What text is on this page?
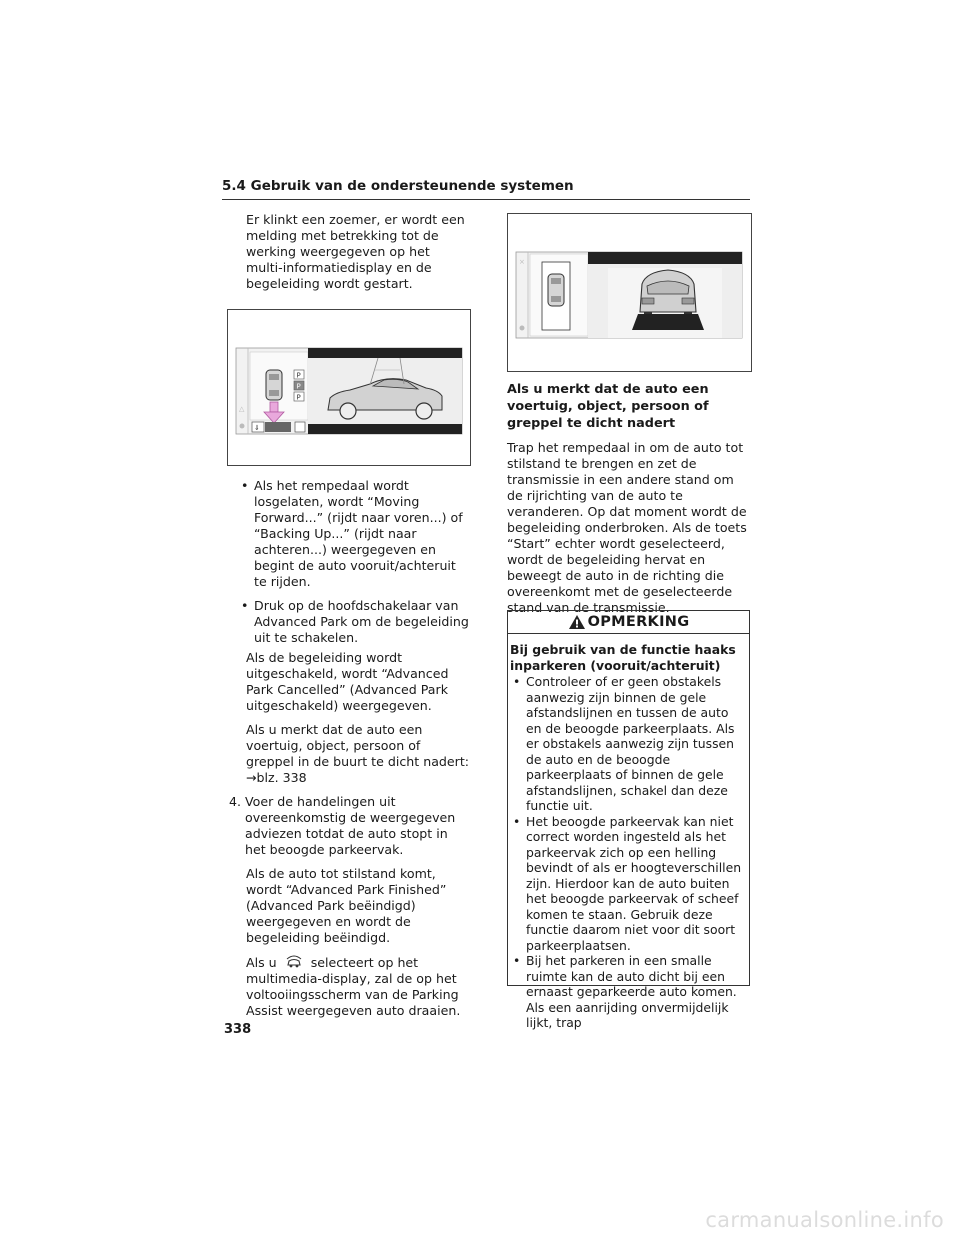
5.4 Gebruik van de ondersteunende systemen

Er klinkt een zoemer, er wordt een melding met betrekking tot de werking weergegeven op het multi-informatiedisplay en de begeleiding wordt gestart.

△
P
P
P
⇓
• Als het rempedaal wordt losgelaten, wordt “Moving Forward...” (rijdt naar voren...) of “Backing Up...” (rijdt naar achteren...) weergegeven en begint de auto vooruit/achteruit te rijden.
• Druk op de hoofdschakelaar van Advanced Park om de begeleiding uit te schakelen.

Als de begeleiding wordt uitgeschakeld, wordt “Advanced Park Cancelled” (Advanced Park uitgeschakeld) weergegeven.

Als u merkt dat de auto een voertuig, object, persoon of greppel in de buurt te dicht nadert: →blz. 338

4. Voer de handelingen uit overeenkomstig de weergegeven adviezen totdat de auto stopt in het beoogde parkeervak.

Als de auto tot stilstand komt, wordt “Advanced Park Finished” (Advanced Park beëindigd) weergegeven en wordt de begeleiding beëindigd.

Als u	selecteert op het multimedia-display, zal de op het voltooiingsscherm van de Parking Assist weergegeven auto draaien.

×
Als u merkt dat de auto een voertuig, object, persoon of greppel te dicht nadert

Trap het rempedaal in om de auto tot stilstand te brengen en zet de transmissie in een andere stand om de rijrichting van de auto te veranderen. Op dat moment wordt de begeleiding onderbroken. Als de toets “Start” echter wordt geselecteerd, wordt de begeleiding hervat en beweegt de auto in de richting die overeenkomt met de geselecteerde stand van de transmissie.

OPMERKING
Bij gebruik van de functie haaks inparkeren (vooruit/achteruit)
• Controleer of er geen obstakels aanwezig zijn binnen de gele afstandslijnen en tussen de auto en de beoogde parkeerplaats. Als er obstakels aanwezig zijn tussen de auto en de beoogde parkeerplaats of binnen de gele afstandslijnen, schakel dan deze functie uit.
• Het beoogde parkeervak kan niet correct worden ingesteld als het parkeervak zich op een helling bevindt of als er hoogteverschillen zijn. Hierdoor kan de auto buiten het beoogde parkeervak of scheef komen te staan. Gebruik deze functie daarom niet voor dit soort parkeerplaatsen.
• Bij het parkeren in een smalle ruimte kan de auto dicht bij een ernaast geparkeerde auto komen. Als een aanrijding onvermijdelijk lijkt, trap
338
carmanualsonline.info
